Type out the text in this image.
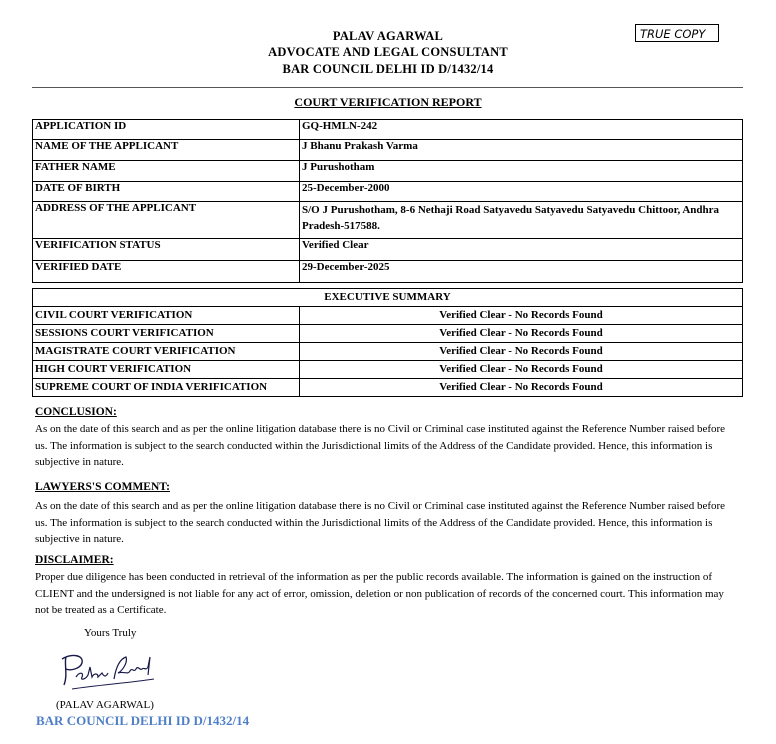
PALAV AGARWAL
ADVOCATE AND LEGAL CONSULTANT
BAR COUNCIL DELHI ID D/1432/14
TRUE COPY
COURT VERIFICATION REPORT
APPLICATION ID	GQ-HMLN-242
NAME OF THE APPLICANT	J Bhanu Prakash Varma
FATHER NAME	J Purushotham
DATE OF BIRTH	25-December-2000
ADDRESS OF THE APPLICANT	S/O J Purushotham, 8-6 Nethaji Road Satyavedu Satyavedu Satyavedu Chittoor, Andhra Pradesh-517588.
VERIFICATION STATUS	Verified Clear
VERIFIED DATE	29-December-2025
EXECUTIVE SUMMARY	
CIVIL COURT VERIFICATION	Verified Clear - No Records Found
SESSIONS COURT VERIFICATION	Verified Clear - No Records Found
MAGISTRATE COURT VERIFICATION	Verified Clear - No Records Found
HIGH COURT VERIFICATION	Verified Clear - No Records Found
SUPREME COURT OF INDIA VERIFICATION	Verified Clear - No Records Found
CONCLUSION:
As on the date of this search and as per the online litigation database there is no Civil or Criminal case instituted against the Reference Number raised before us. The information is subject to the search conducted within the Jurisdictional limits of the Address of the Candidate provided. Hence, this information is subjective in nature.
LAWYERS'S COMMENT:
As on the date of this search and as per the online litigation database there is no Civil or Criminal case instituted against the Reference Number raised before us. The information is subject to the search conducted within the Jurisdictional limits of the Address of the Candidate provided. Hence, this information is subjective in nature.
DISCLAIMER:
Proper due diligence has been conducted in retrieval of the information as per the public records available. The information is gained on the instruction of CLIENT and the undersigned is not liable for any act of error, omission, deletion or non publication of records of the concerned court. This information may not be treated as a Certificate.
Yours Truly
(PALAV AGARWAL)
BAR COUNCIL DELHI ID D/1432/14
